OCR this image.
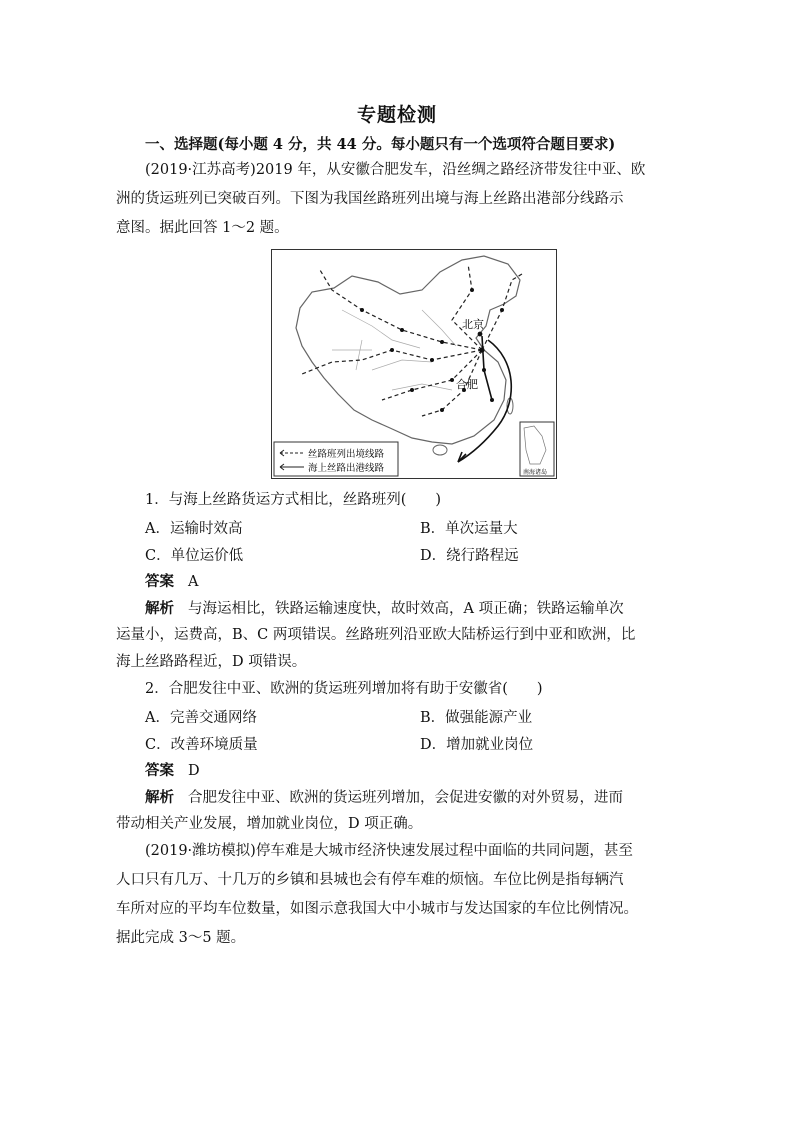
专题检测
一、选择题(每小题 4 分，共 44 分。每小题只有一个选项符合题目要求)
(2019·江苏高考)2019 年，从安徽合肥发车，沿丝绸之路经济带发往中亚、欧
洲的货运班列已突破百列。下图为我国丝路班列出境与海上丝路出港部分线路示
意图。据此回答 1～2 题。
北京
合肥
丝路班列出境线路
海上丝路出港线路	南海诸岛
1．与海上丝路货运方式相比，丝路班列(　　)
A．运输时效高	B．单次运量大
C．单位运价低	D．绕行路程远
答案 A
解析 与海运相比，铁路运输速度快，故时效高，A 项正确；铁路运输单次
运量小，运费高，B、C 两项错误。丝路班列沿亚欧大陆桥运行到中亚和欧洲，比
海上丝路路程近，D 项错误。
2．合肥发往中亚、欧洲的货运班列增加将有助于安徽省(　　)
A．完善交通网络	B．做强能源产业
C．改善环境质量	D．增加就业岗位
答案 D
解析 合肥发往中亚、欧洲的货运班列增加，会促进安徽的对外贸易，进而
带动相关产业发展，增加就业岗位，D 项正确。
(2019·潍坊模拟)停车难是大城市经济快速发展过程中面临的共同问题，甚至
人口只有几万、十几万的乡镇和县城也会有停车难的烦恼。车位比例是指每辆汽
车所对应的平均车位数量，如图示意我国大中小城市与发达国家的车位比例情况。
据此完成 3～5 题。
